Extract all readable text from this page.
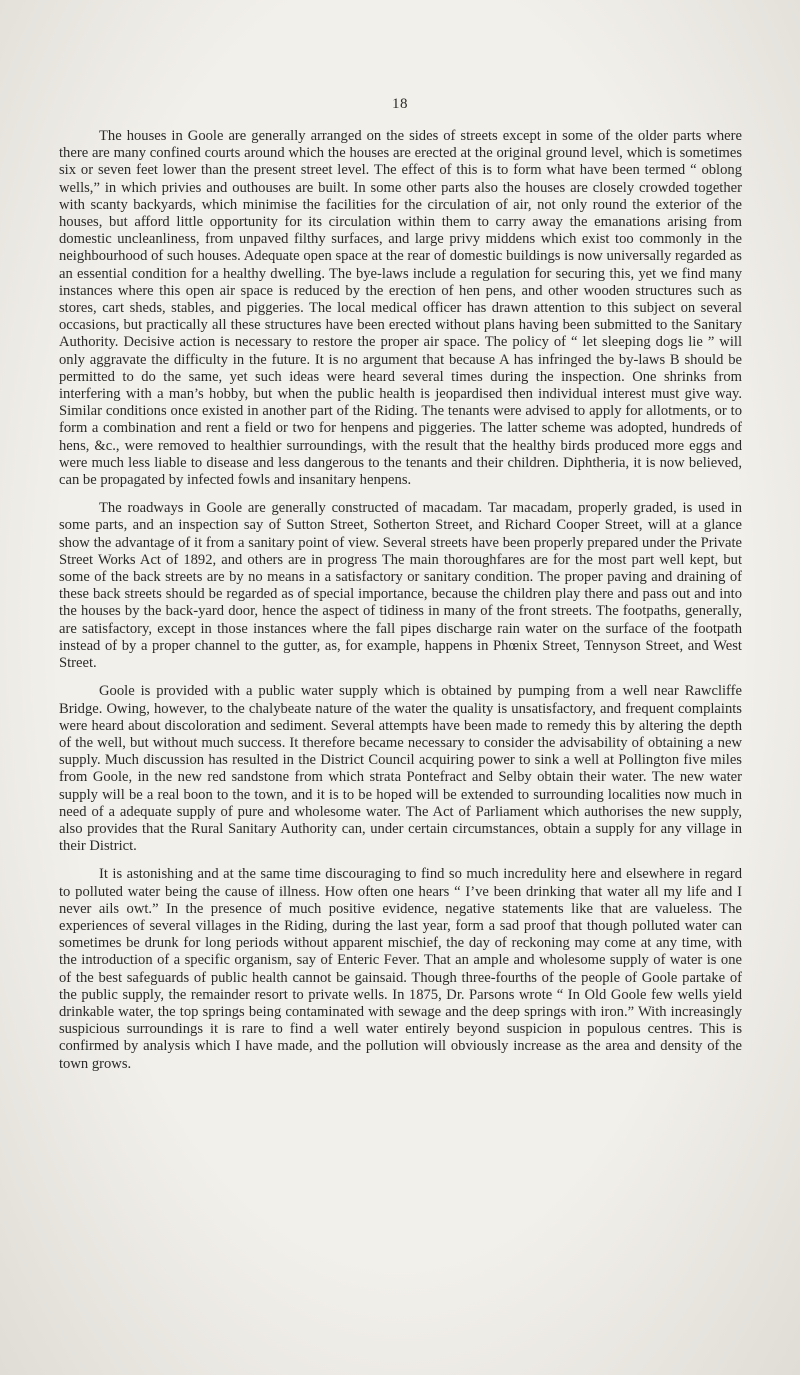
18

The houses in Goole are generally arranged on the sides of streets except in some of the older parts where there are many confined courts around which the houses are erected at the original ground level, which is sometimes six or seven feet lower than the present street level. The effect of this is to form what have been termed “ oblong wells,” in which privies and outhouses are built. In some other parts also the houses are closely crowded together with scanty backyards, which minimise the facilities for the circulation of air, not only round the exterior of the houses, but afford little opportunity for its circulation within them to carry away the emanations arising from domestic uncleanliness, from unpaved filthy surfaces, and large privy middens which exist too commonly in the neighbourhood of such houses. Adequate open space at the rear of domestic buildings is now universally regarded as an essential condition for a healthy dwelling. The bye-laws include a regulation for securing this, yet we find many instances where this open air space is reduced by the erection of hen pens, and other wooden structures such as stores, cart sheds, stables, and piggeries. The local medical officer has drawn attention to this subject on several occasions, but practically all these structures have been erected without plans having been submitted to the Sanitary Authority. Decisive action is necessary to restore the proper air space. The policy of “ let sleeping dogs lie ” will only aggravate the difficulty in the future. It is no argument that because A has infringed the by-laws B should be permitted to do the same, yet such ideas were heard several times during the inspection. One shrinks from interfering with a man’s hobby, but when the public health is jeopardised then individual interest must give way. Similar conditions once existed in another part of the Riding. The tenants were advised to apply for allotments, or to form a combination and rent a field or two for henpens and piggeries. The latter scheme was adopted, hundreds of hens, &c., were removed to healthier surroundings, with the result that the healthy birds produced more eggs and were much less liable to disease and less dangerous to the tenants and their children. Diphtheria, it is now believed, can be propagated by infected fowls and insanitary henpens.

The roadways in Goole are generally constructed of macadam. Tar macadam, properly graded, is used in some parts, and an inspection say of Sutton Street, Sotherton Street, and Richard Cooper Street, will at a glance show the advantage of it from a sanitary point of view. Several streets have been properly prepared under the Private Street Works Act of 1892, and others are in progress The main thoroughfares are for the most part well kept, but some of the back streets are by no means in a satisfactory or sanitary condition. The proper paving and draining of these back streets should be regarded as of special importance, because the children play there and pass out and into the houses by the back-yard door, hence the aspect of tidiness in many of the front streets. The footpaths, generally, are satisfactory, except in those instances where the fall pipes discharge rain water on the surface of the footpath instead of by a proper channel to the gutter, as, for example, happens in Phœnix Street, Tennyson Street, and West Street.

Goole is provided with a public water supply which is obtained by pumping from a well near Rawcliffe Bridge. Owing, however, to the chalybeate nature of the water the quality is unsatisfactory, and frequent complaints were heard about discoloration and sediment. Several attempts have been made to remedy this by altering the depth of the well, but without much success. It therefore became necessary to consider the advisability of obtaining a new supply. Much discussion has resulted in the District Council acquiring power to sink a well at Pollington five miles from Goole, in the new red sandstone from which strata Pontefract and Selby obtain their water. The new water supply will be a real boon to the town, and it is to be hoped will be extended to surrounding localities now much in need of a adequate supply of pure and wholesome water. The Act of Parliament which authorises the new supply, also provides that the Rural Sanitary Authority can, under certain circumstances, obtain a supply for any village in their District.

It is astonishing and at the same time discouraging to find so much incredulity here and elsewhere in regard to polluted water being the cause of illness. How often one hears “ I’ve been drinking that water all my life and I never ails owt.” In the presence of much positive evidence, negative statements like that are valueless. The experiences of several villages in the Riding, during the last year, form a sad proof that though polluted water can sometimes be drunk for long periods without apparent mischief, the day of reckoning may come at any time, with the introduction of a specific organism, say of Enteric Fever. That an ample and wholesome supply of water is one of the best safeguards of public health cannot be gainsaid. Though three-fourths of the people of Goole partake of the public supply, the remainder resort to private wells. In 1875, Dr. Parsons wrote “ In Old Goole few wells yield drinkable water, the top springs being contaminated with sewage and the deep springs with iron.” With increasingly suspicious surroundings it is rare to find a well water entirely beyond suspicion in populous centres. This is confirmed by analysis which I have made, and the pollution will obviously increase as the area and density of the town grows.
